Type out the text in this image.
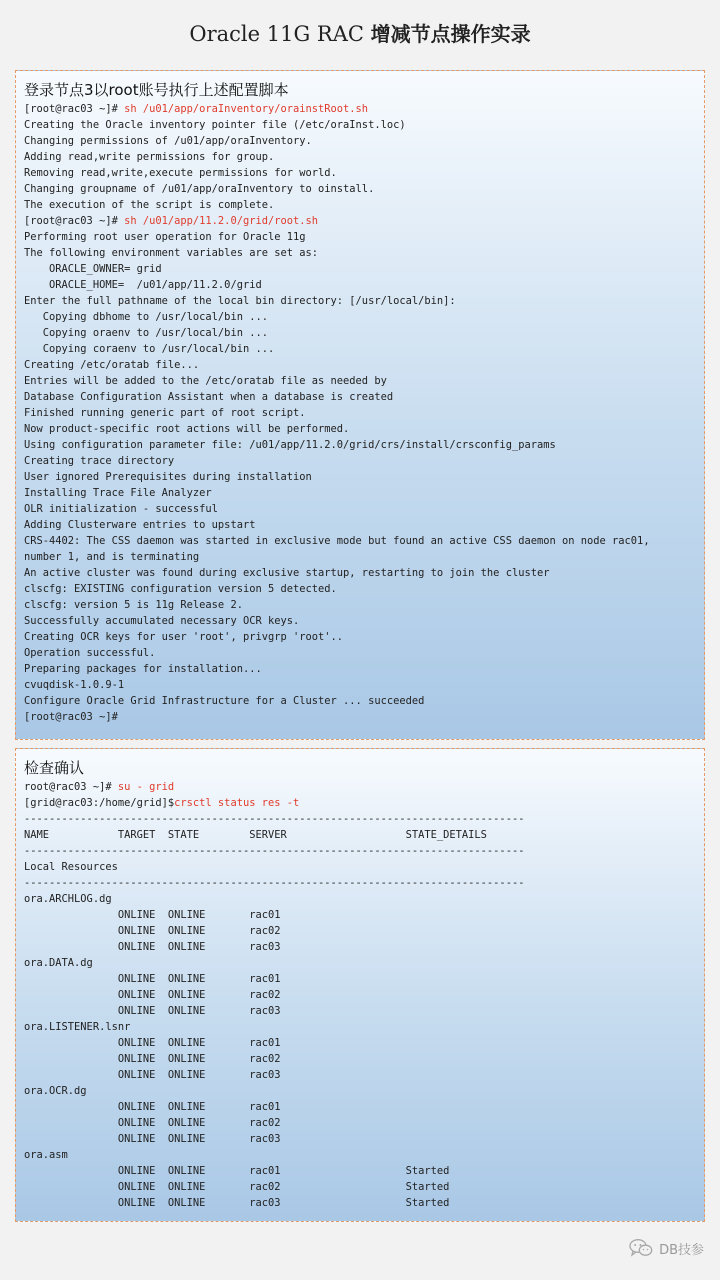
Oracle 11G RAC 增减节点操作实录
登录节点3以root账号执行上述配置脚本
[root@rac03 ~]# sh /u01/app/oraInventory/orainstRoot.sh
Creating the Oracle inventory pointer file (/etc/oraInst.loc)
Changing permissions of /u01/app/oraInventory.
Adding read,write permissions for group.
Removing read,write,execute permissions for world.
Changing groupname of /u01/app/oraInventory to oinstall.
The execution of the script is complete.
[root@rac03 ~]# sh /u01/app/11.2.0/grid/root.sh
Performing root user operation for Oracle 11g
The following environment variables are set as:
ORACLE_OWNER= grid
ORACLE_HOME=  /u01/app/11.2.0/grid
Enter the full pathname of the local bin directory: [/usr/local/bin]:
Copying dbhome to /usr/local/bin ...
Copying oraenv to /usr/local/bin ...
Copying coraenv to /usr/local/bin ...
Creating /etc/oratab file...
Entries will be added to the /etc/oratab file as needed by
Database Configuration Assistant when a database is created
Finished running generic part of root script.
Now product-specific root actions will be performed.
Using configuration parameter file: /u01/app/11.2.0/grid/crs/install/crsconfig_params
Creating trace directory
User ignored Prerequisites during installation
Installing Trace File Analyzer
OLR initialization - successful
Adding Clusterware entries to upstart
CRS-4402: The CSS daemon was started in exclusive mode but found an active CSS daemon on node rac01,
number 1, and is terminating
An active cluster was found during exclusive startup, restarting to join the cluster
clscfg: EXISTING configuration version 5 detected.
clscfg: version 5 is 11g Release 2.
Successfully accumulated necessary OCR keys.
Creating OCR keys for user 'root', privgrp 'root'..
Operation successful.
Preparing packages for installation...
cvuqdisk-1.0.9-1
Configure Oracle Grid Infrastructure for a Cluster ... succeeded
[root@rac03 ~]#
检查确认
root@rac03 ~]# su - grid
[grid@rac03:/home/grid]$crsctl status res -t
--------------------------------------------------------------------------------
NAME           TARGET  STATE        SERVER                   STATE_DETAILS
--------------------------------------------------------------------------------
Local Resources
--------------------------------------------------------------------------------
ora.ARCHLOG.dg
ONLINE  ONLINE       rac01
ONLINE  ONLINE       rac02
ONLINE  ONLINE       rac03
ora.DATA.dg
ONLINE  ONLINE       rac01
ONLINE  ONLINE       rac02
ONLINE  ONLINE       rac03
ora.LISTENER.lsnr
ONLINE  ONLINE       rac01
ONLINE  ONLINE       rac02
ONLINE  ONLINE       rac03
ora.OCR.dg
ONLINE  ONLINE       rac01
ONLINE  ONLINE       rac02
ONLINE  ONLINE       rac03
ora.asm
ONLINE  ONLINE       rac01                    Started
ONLINE  ONLINE       rac02                    Started
ONLINE  ONLINE       rac03                    Started
DB技参
